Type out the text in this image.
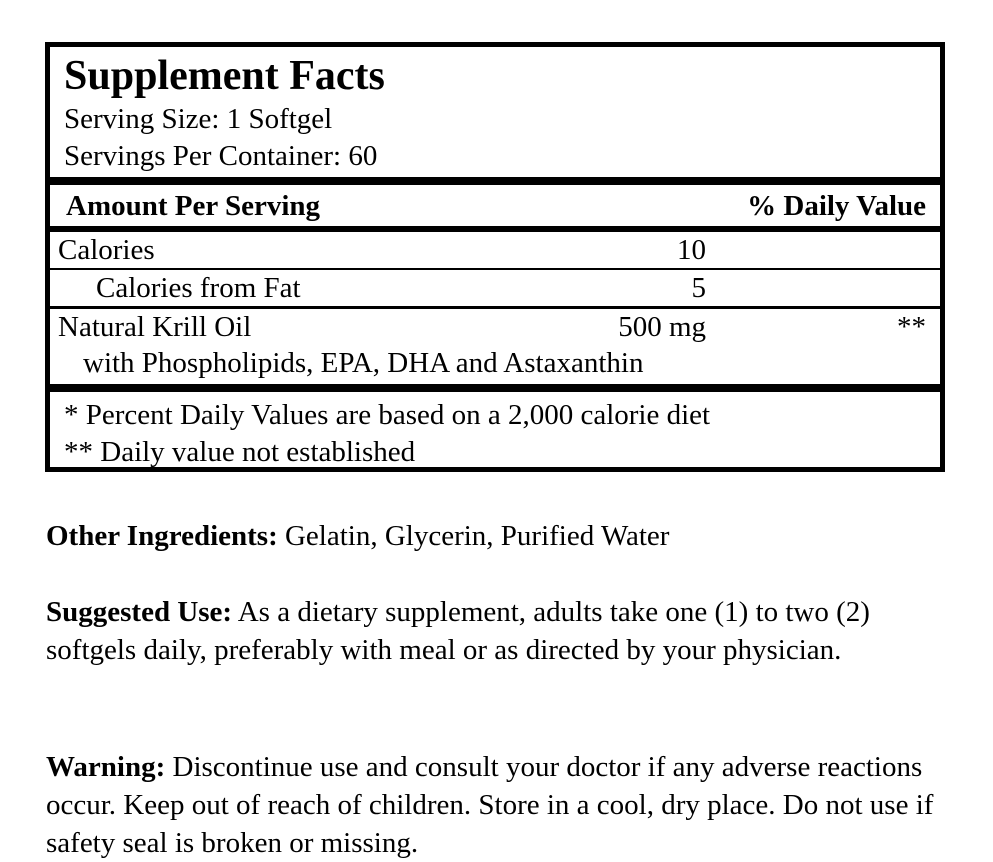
Supplement Facts
Serving Size: 1 Softgel
Servings Per Container: 60
Amount Per Serving	% Daily Value
Calories	10
Calories from Fat	5
Natural Krill Oil	500 mg	**
with Phospholipids, EPA, DHA and Astaxanthin
* Percent Daily Values are based on a 2,000 calorie diet
** Daily value not established

Other Ingredients: Gelatin, Glycerin, Purified Water

Suggested Use: As a dietary supplement, adults take one (1) to two (2) softgels daily, preferably with meal or as directed by your physician.

Warning: Discontinue use and consult your doctor if any adverse reactions occur. Keep out of reach of children. Store in a cool, dry place. Do not use if safety seal is broken or missing.
